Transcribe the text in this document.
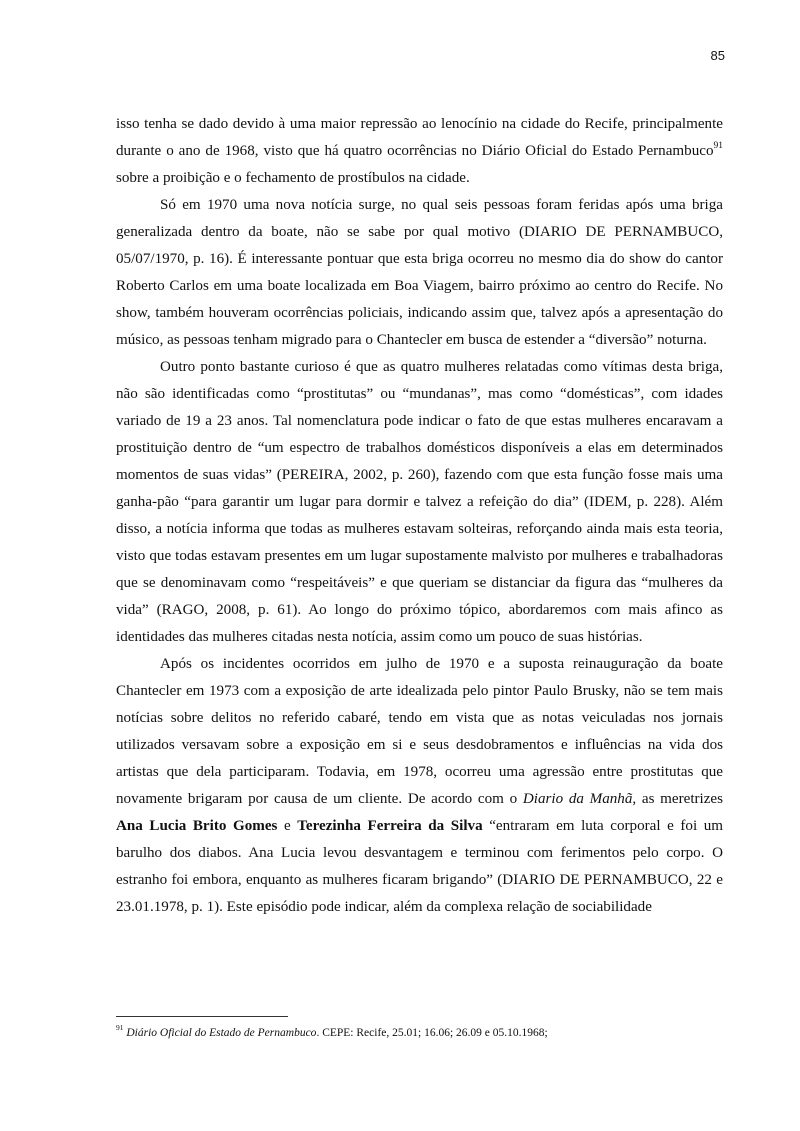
85

isso tenha se dado devido à uma maior repressão ao lenocínio na cidade do Recife, principalmente durante o ano de 1968, visto que há quatro ocorrências no Diário Oficial do Estado Pernambuco$^{91}$ sobre a proibição e o fechamento de prostíbulos na cidade.

Só em 1970 uma nova notícia surge, no qual seis pessoas foram feridas após uma briga generalizada dentro da boate, não se sabe por qual motivo (DIARIO DE PERNAMBUCO, 05/07/1970, p. 16). É interessante pontuar que esta briga ocorreu no mesmo dia do show do cantor Roberto Carlos em uma boate localizada em Boa Viagem, bairro próximo ao centro do Recife. No show, também houveram ocorrências policiais, indicando assim que, talvez após a apresentação do músico, as pessoas tenham migrado para o Chantecler em busca de estender a “diversão” noturna.

Outro ponto bastante curioso é que as quatro mulheres relatadas como vítimas desta briga, não são identificadas como “prostitutas” ou “mundanas”, mas como “domésticas”, com idades variado de 19 a 23 anos. Tal nomenclatura pode indicar o fato de que estas mulheres encaravam a prostituição dentro de “um espectro de trabalhos domésticos disponíveis a elas em determinados momentos de suas vidas” (PEREIRA, 2002, p. 260), fazendo com que esta função fosse mais uma ganha-pão “para garantir um lugar para dormir e talvez a refeição do dia” (IDEM, p. 228). Além disso, a notícia informa que todas as mulheres estavam solteiras, reforçando ainda mais esta teoria, visto que todas estavam presentes em um lugar supostamente malvisto por mulheres e trabalhadoras que se denominavam como “respeitáveis” e que queriam se distanciar da figura das “mulheres da vida” (RAGO, 2008, p. 61). Ao longo do próximo tópico, abordaremos com mais afinco as identidades das mulheres citadas nesta notícia, assim como um pouco de suas histórias.

Após os incidentes ocorridos em julho de 1970 e a suposta reinauguração da boate Chantecler em 1973 com a exposição de arte idealizada pelo pintor Paulo Brusky, não se tem mais notícias sobre delitos no referido cabaré, tendo em vista que as notas veiculadas nos jornais utilizados versavam sobre a exposição em si e seus desdobramentos e influências na vida dos artistas que dela participaram. Todavia, em 1978, ocorreu uma agressão entre prostitutas que novamente brigaram por causa de um cliente. De acordo com o Diario da Manhã, as meretrizes Ana Lucia Brito Gomes e Terezinha Ferreira da Silva “entraram em luta corporal e foi um barulho dos diabos. Ana Lucia levou desvantagem e terminou com ferimentos pelo corpo. O estranho foi embora, enquanto as mulheres ficaram brigando” (DIARIO DE PERNAMBUCO, 22 e 23.01.1978, p. 1). Este episódio pode indicar, além da complexa relação de sociabilidade

$^{91}$ Diário Oficial do Estado de Pernambuco. CEPE: Recife, 25.01; 16.06; 26.09 e 05.10.1968;
